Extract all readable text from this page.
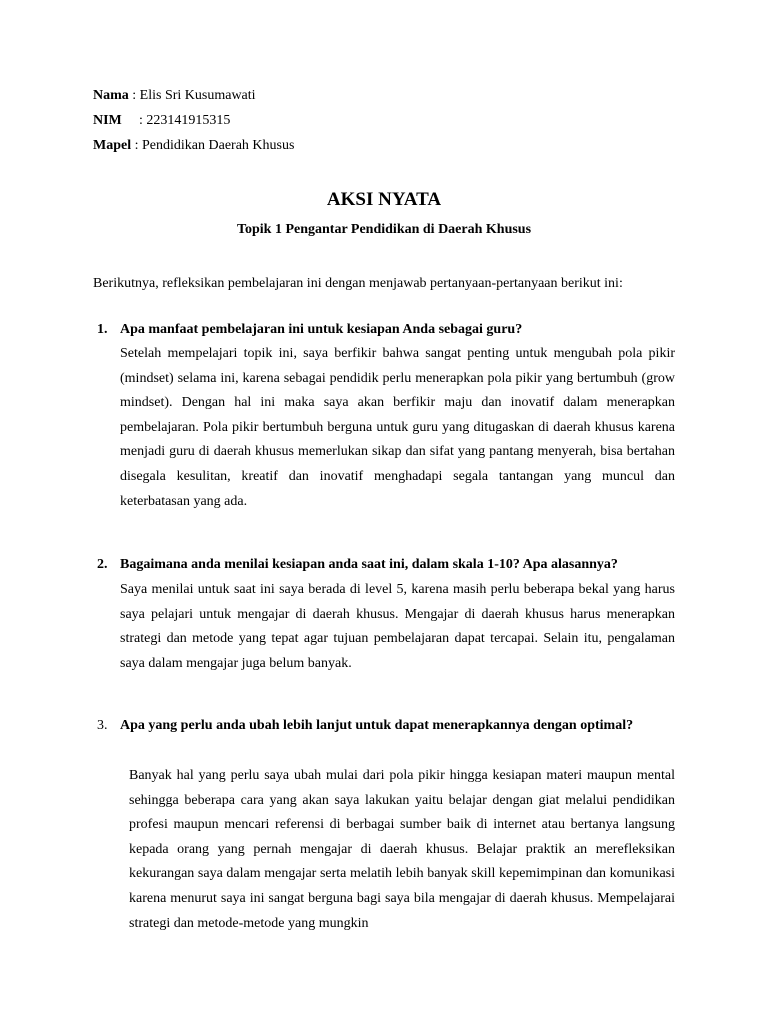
Nama : Elis Sri Kusumawati
NIM : 223141915315
Mapel : Pendidikan Daerah Khusus
AKSI NYATA
Topik 1 Pengantar Pendidikan di Daerah Khusus
Berikutnya, refleksikan pembelajaran ini dengan menjawab pertanyaan-pertanyaan berikut ini:
1. Apa manfaat pembelajaran ini untuk kesiapan Anda sebagai guru?
Setelah mempelajari topik ini, saya berfikir bahwa sangat penting untuk mengubah pola pikir (mindset) selama ini, karena sebagai pendidik perlu menerapkan pola pikir yang bertumbuh (grow mindset). Dengan hal ini maka saya akan berfikir maju dan inovatif dalam menerapkan pembelajaran. Pola pikir bertumbuh berguna untuk guru yang ditugaskan di daerah khusus karena menjadi guru di daerah khusus memerlukan sikap dan sifat yang pantang menyerah, bisa bertahan disegala kesulitan, kreatif dan inovatif menghadapi segala tantangan yang muncul dan keterbatasan yang ada.
2. Bagaimana anda menilai kesiapan anda saat ini, dalam skala 1-10? Apa alasannya?
Saya menilai untuk saat ini saya berada di level 5, karena masih perlu beberapa bekal yang harus saya pelajari untuk mengajar di daerah khusus. Mengajar di daerah khusus harus menerapkan strategi dan metode yang tepat agar tujuan pembelajaran dapat tercapai. Selain itu, pengalaman saya dalam mengajar juga belum banyak.
3. Apa yang perlu anda ubah lebih lanjut untuk dapat menerapkannya dengan optimal?
Banyak hal yang perlu saya ubah mulai dari pola pikir hingga kesiapan materi maupun mental sehingga beberapa cara yang akan saya lakukan yaitu belajar dengan giat melalui pendidikan profesi maupun mencari referensi di berbagai sumber baik di internet atau bertanya langsung kepada orang yang pernah mengajar di daerah khusus. Belajar praktik an merefleksikan kekurangan saya dalam mengajar serta melatih lebih banyak skill kepemimpinan dan komunikasi karena menurut saya ini sangat berguna bagi saya bila mengajar di daerah khusus. Mempelajarai strategi dan metode-metode yang mungkin
